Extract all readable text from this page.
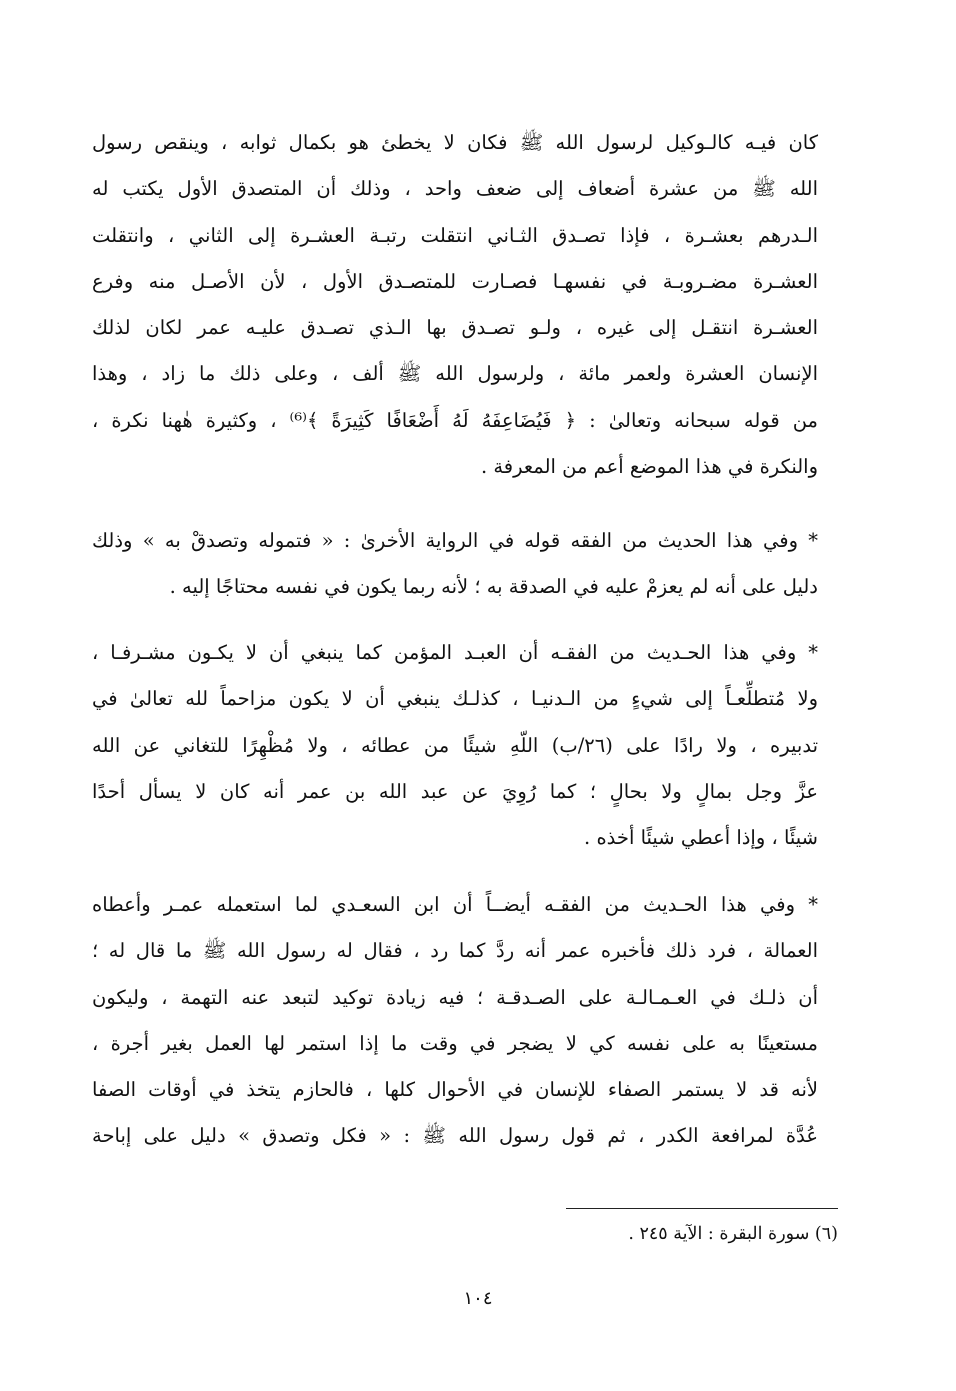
كان فيـه كالـوكيل لرسول الله ﷺ فكان لا يخطئ هو بكمال ثوابه ، وينقص رسول
الله ﷺ من عشرة أضعاف إلى ضعف واحد ، وذلك أن المتصدق الأول يكتب له
الـدرهم بعشـرة ، فإذا تصـدق الثـاني انتقلت رتبـة العشـرة إلى الثاني ، وانتقلت
العشـرة مضـروبـة في نفسهـا فصـارت للمتصـدق الأول ، لأن الأصـل منه وفرع
العشـرة انتقـل إلى غيره ، ولـو تصـدق بها الـذي تصـدق عليـه عمر لكان لذلك
الإنسان العشرة ولعمر مائة ، ولرسول الله ﷺ ألف ، وعلى ذلك ما زاد ، وهذا
من قوله سبحانه وتعالىٰ : ﴿ فَيُضَاعِفَهُ لَهُ أَضْعَافًا كَثِيرَةً ﴾⁽⁶⁾ ، وكثيرة هٰهنا نكرة ،
والنكرة في هذا الموضع أعم من المعرفة .
* وفي هذا الحديث من الفقه قوله في الرواية الأخرىٰ : « فتموله وتصدقْ به » وذلك
دليل على أنه لم يعزمْ عليه في الصدقة به ؛ لأنه ربما يكون في نفسه محتاجًا إليه .
* وفي هذا الحـديث من الفقـه أن العبـد المؤمن كما ينبغي أن لا يكـون مشـرفـا ،
ولا مُتطلِّعـاً إلى شيءٍ من الـدنيـا ، كذلـك ينبغي أن لا يكون مزاحماً لله تعالىٰ في
تدبيره ، ولا رادًا على (٢٦/ب) اللّهِ شيئًا من عطائه ، ولا مُظْهِرًا للتغاني عن الله
عزَّ وجل بمالٍ ولا بحالٍ ؛ كما رُوِيَ عن عبد الله بن عمر أنه كان لا يسأل أحدًا
شيئًا ، وإذا أعطي شيئًا أخذه .
* وفي هذا الحـديث من الفقـه أيضــاً أن ابن السعـدي لما استعمله عمـر وأعطاه
العمالة ، فرد ذلك فأخبره عمر أنه ردَّ كما رد ، فقال له رسول الله ﷺ ما قال له ؛
أن ذلـك في العـمـالـة على الصـدقـة ؛ فيه زيادة توكيد لتبعد عنه التهمة ، وليكون
مستعينًا به على نفسه كي لا يضجر في وقت ما إذا استمر لها العمل بغير أجرة ،
لأنه قد لا يستمر الصفاء للإنسان في الأحوال كلها ، فالحازم يتخذ في أوقات الصفا
عُدَّة لمرافعة الكدر ، ثم قول رسول الله ﷺ : « فكل وتصدق » دليل على إباحة
(٦) سورة البقرة : الآية ٢٤٥ .
١٠٤
